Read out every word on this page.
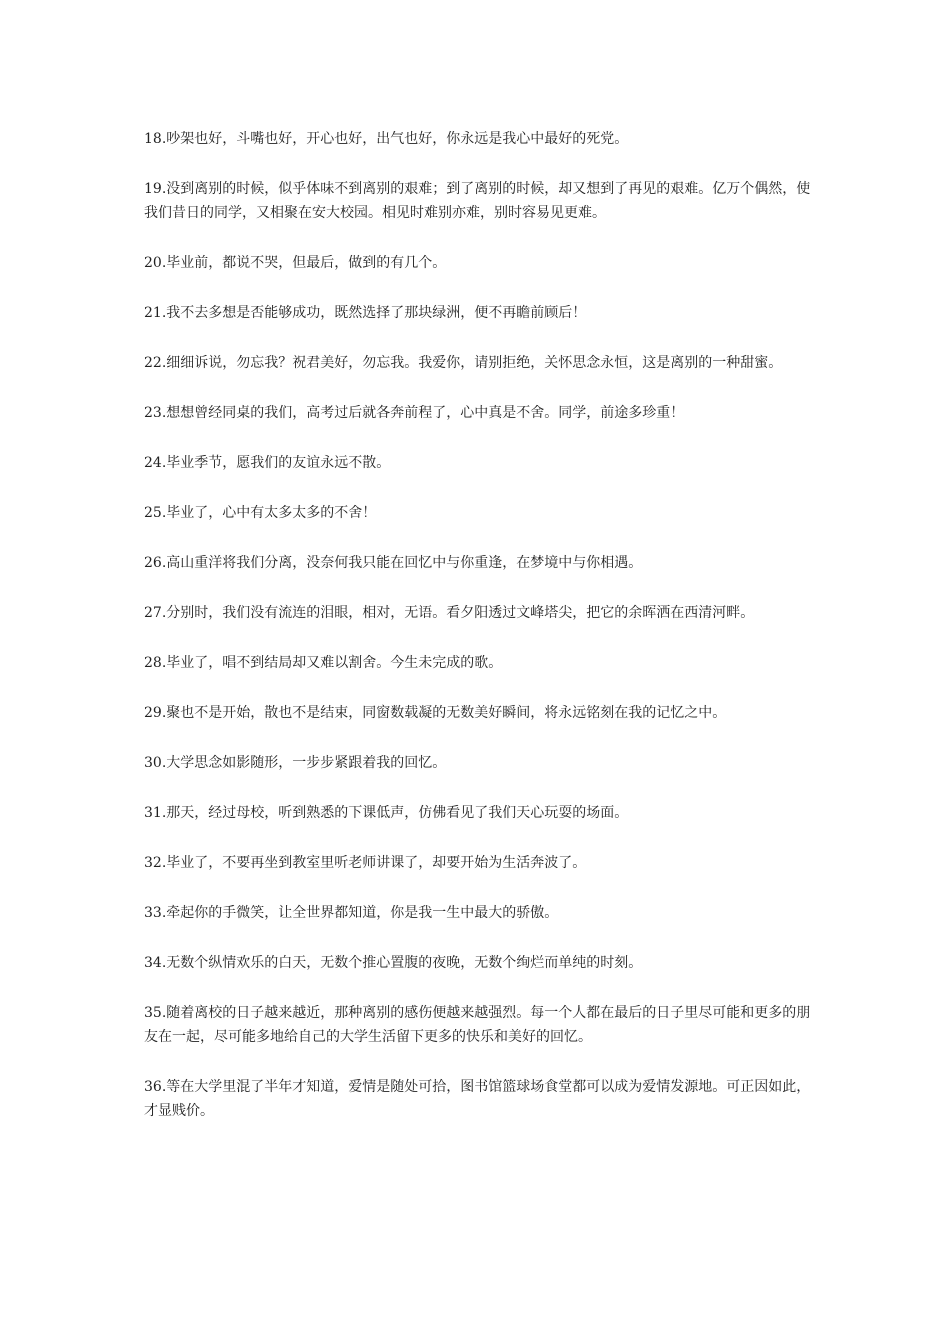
18.吵架也好，斗嘴也好，开心也好，出气也好，你永远是我心中最好的死党。

19.没到离别的时候，似乎体味不到离别的艰难；到了离别的时候，却又想到了再见的艰难。亿万个偶然，使我们昔日的同学，又相聚在安大校园。相见时难别亦难，别时容易见更难。

20.毕业前，都说不哭，但最后，做到的有几个。

21.我不去多想是否能够成功，既然选择了那块绿洲，便不再瞻前顾后！

22.细细诉说，勿忘我？祝君美好，勿忘我。我爱你，请别拒绝，关怀思念永恒，这是离别的一种甜蜜。

23.想想曾经同桌的我们，高考过后就各奔前程了，心中真是不舍。同学，前途多珍重！

24.毕业季节，愿我们的友谊永远不散。

25.毕业了，心中有太多太多的不舍！

26.高山重洋将我们分离，没奈何我只能在回忆中与你重逢，在梦境中与你相遇。

27.分别时，我们没有流连的泪眼，相对，无语。看夕阳透过文峰塔尖，把它的余晖洒在西清河畔。

28.毕业了，唱不到结局却又难以割舍。今生未完成的歌。

29.聚也不是开始，散也不是结束，同窗数载凝的无数美好瞬间，将永远铭刻在我的记忆之中。

30.大学思念如影随形，一步步紧跟着我的回忆。

31.那天，经过母校，听到熟悉的下课低声，仿佛看见了我们天心玩耍的场面。

32.毕业了，不要再坐到教室里听老师讲课了，却要开始为生活奔波了。

33.牵起你的手微笑，让全世界都知道，你是我一生中最大的骄傲。

34.无数个纵情欢乐的白天，无数个推心置腹的夜晚，无数个绚烂而单纯的时刻。

35.随着离校的日子越来越近，那种离别的感伤便越来越强烈。每一个人都在最后的日子里尽可能和更多的朋友在一起，尽可能多地给自己的大学生活留下更多的快乐和美好的回忆。

36.等在大学里混了半年才知道，爱情是随处可拾，图书馆篮球场食堂都可以成为爱情发源地。可正因如此，才显贱价。
